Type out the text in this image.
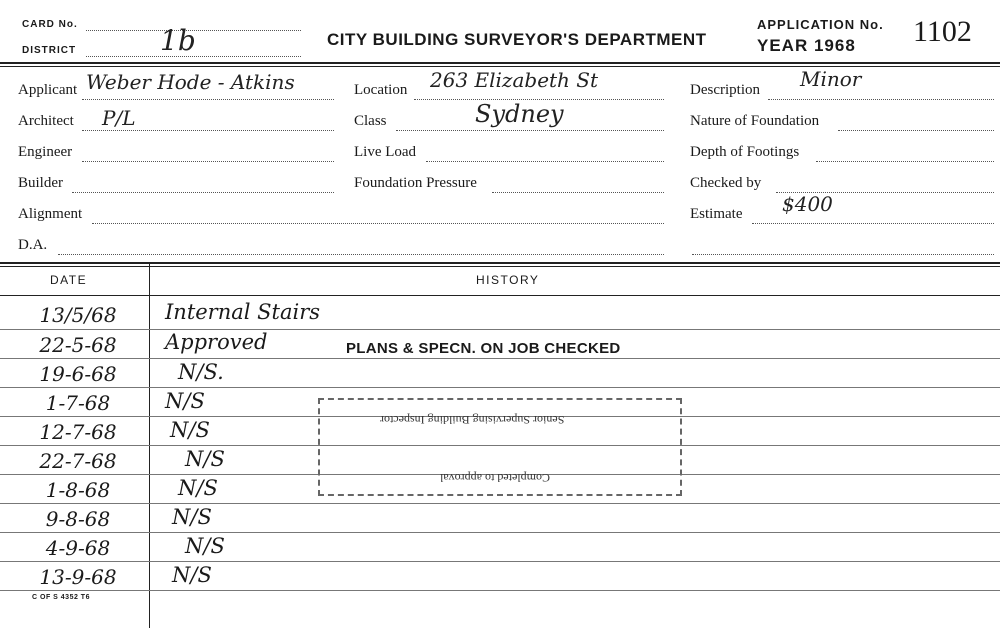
CARD No.
DISTRICT	1b	CITY BUILDING SURVEYOR'S DEPARTMENT
APPLICATION No.
YEAR 1968 1102
Applicant Weber Hode - Atkins
Architect P/L
Engineer
Builder
Alignment
D.A.
Location 263 Elizabeth St
Class	Sydney
Live Load
Foundation Pressure
Description Minor
Nature of Foundation
Depth of Footings
Checked by
Estimate $400
DATE	HISTORY
13/5/68	Internal Stairs
22-5-68	Approved
19-6-68	N/S.
1-7-68	N/S
12-7-68	N/S
22-7-68	N/S
1-8-68	N/S
9-8-68	N/S
4-9-68	N/S
13-9-68	N/S
PLANS & SPECN. ON JOB CHECKED
Senior Supervising Building Inspector
Completed to approval
C OF S 4352 T6
